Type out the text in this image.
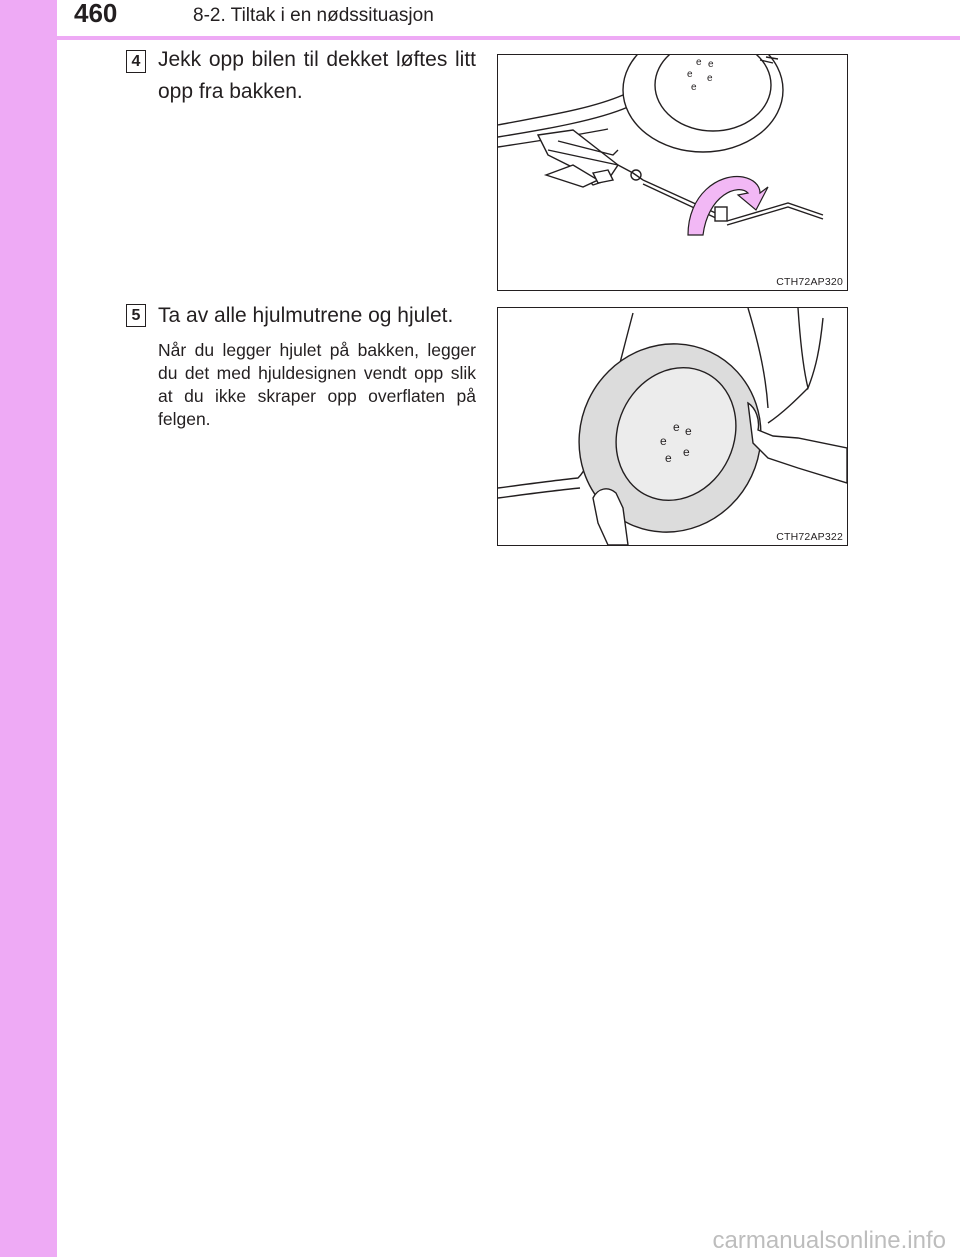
460	8-2. Tiltak i en nødssituasjon
4 Jekk opp bilen til dekket løftes litt opp fra bakken.
e e
e e
e
CTH72AP320
5 Ta av alle hjulmutrene og hjulet.
Når du legger hjulet på bakken, legger du det med hjuldesignen vendt opp slik at du ikke skraper opp overflaten på felgen.	e e
e
e
e
CTH72AP322
carmanualsonline.info
